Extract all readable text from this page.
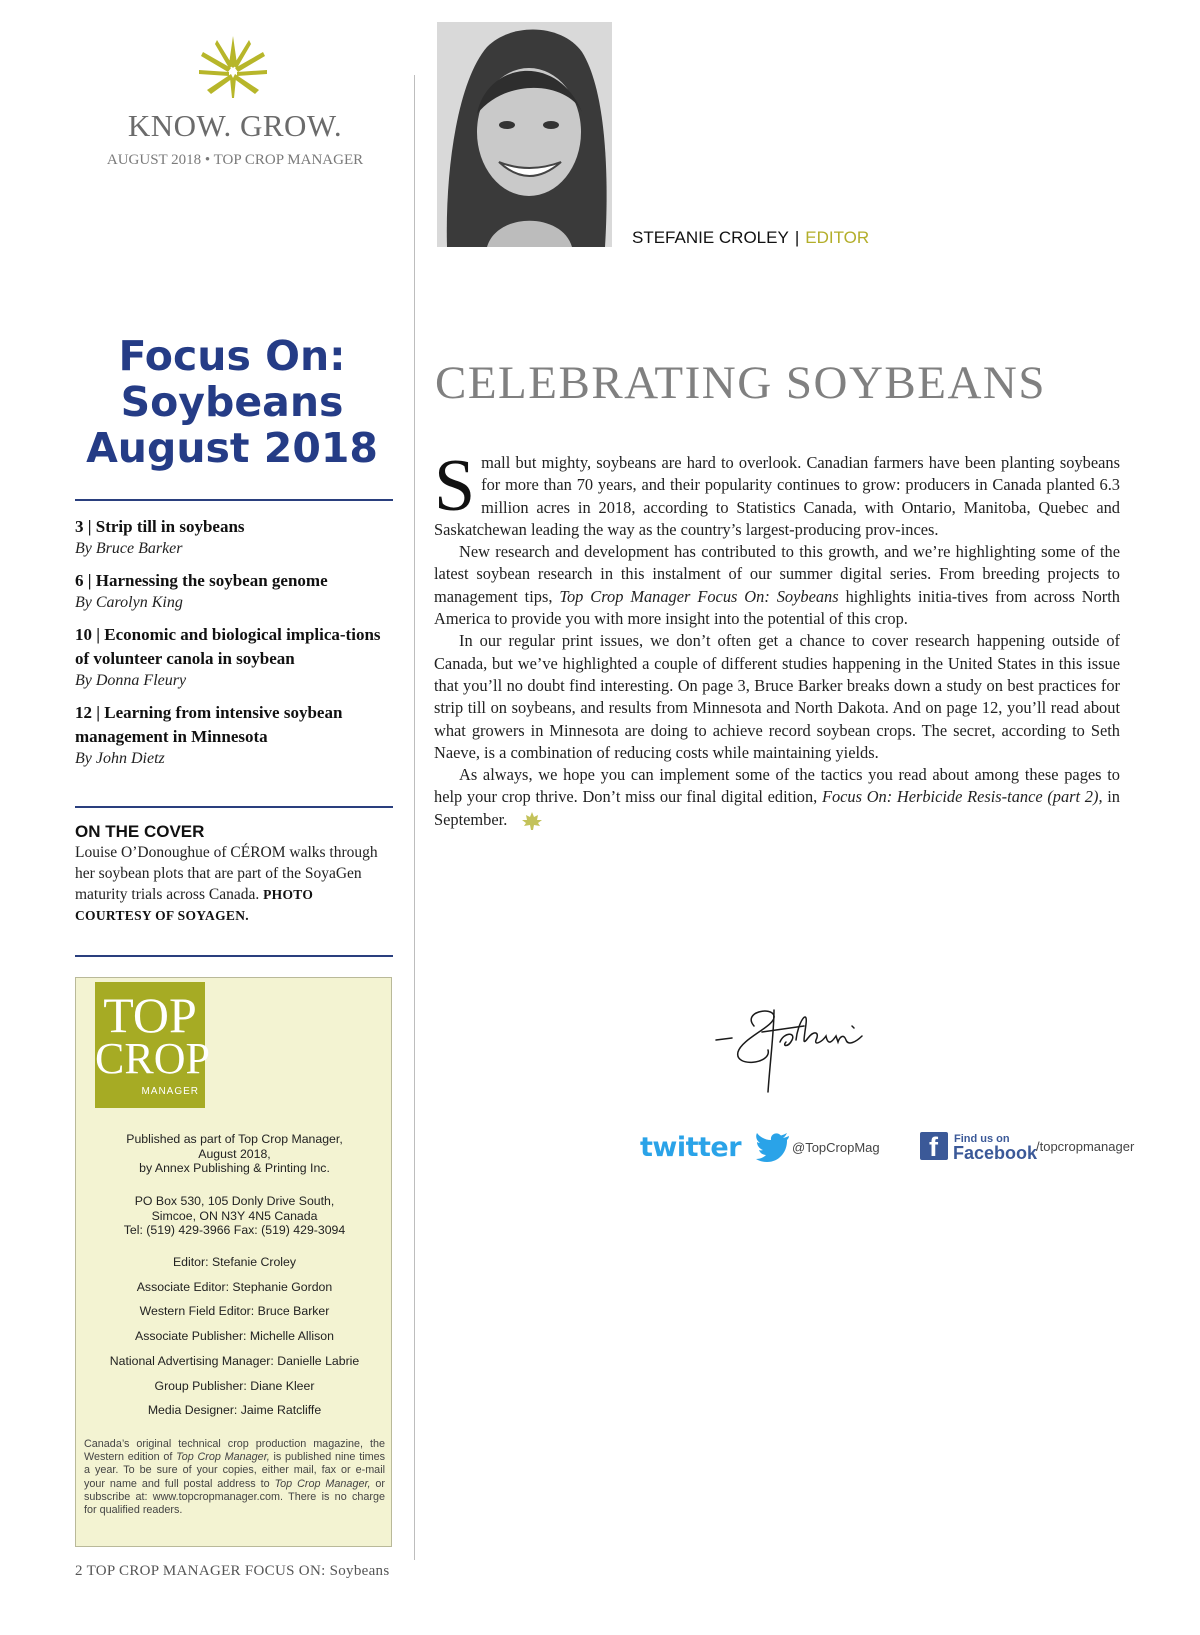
KNOW. GROW.
AUGUST 2018 • TOP CROP MANAGER
STEFANIE CROLEY | EDITOR
Focus On:
Soybeans
August 2018
3 | Strip till in soybeans
By Bruce Barker
6 | Harnessing the soybean genome
By Carolyn King
10 | Economic and biological implica-tions of volunteer canola in soybean
By Donna Fleury
12 | Learning from intensive soybean management in Minnesota
By John Dietz
ON THE COVER
Louise O’Donoughue of CÉROM walks through her soybean plots that are part of the SoyaGen maturity trials across Canada. PHOTO COURTESY OF SOYAGEN.
TOP
CROP
MANAGER
Published as part of Top Crop Manager,
August 2018,
by Annex Publishing & Printing Inc.
PO Box 530, 105 Donly Drive South,
Simcoe, ON N3Y 4N5 Canada
Tel: (519) 429-3966 Fax: (519) 429-3094
Editor: Stefanie Croley
Associate Editor: Stephanie Gordon
Western Field Editor: Bruce Barker
Associate Publisher: Michelle Allison
National Advertising Manager: Danielle Labrie
Group Publisher: Diane Kleer
Media Designer: Jaime Ratcliffe
Canada’s original technical crop production magazine, the Western edition of Top Crop Manager, is published nine times a year. To be sure of your copies, either mail, fax or e-mail your name and full postal address to Top Crop Manager, or subscribe at: www.topcropmanager.com. There is no charge for qualified readers.
2 TOP CROP MANAGER FOCUS ON: Soybeans
CELEBRATING SOYBEANS

Small but mighty, soybeans are hard to overlook. Canadian farmers have been planting soybeans for more than 70 years, and their popularity continues to grow: producers in Canada planted 6.3 million acres in 2018, according to Statistics Canada, with Ontario, Manitoba, Quebec and Saskatchewan leading the way as the country’s largest-producing prov-inces.

New research and development has contributed to this growth, and we’re highlighting some of the latest soybean research in this instalment of our summer digital series. From breeding projects to management tips, Top Crop Manager Focus On: Soybeans highlights initia-tives from across North America to provide you with more insight into the potential of this crop.

In our regular print issues, we don’t often get a chance to cover research happening outside of Canada, but we’ve highlighted a couple of different studies happening in the United States in this issue that you’ll no doubt find interesting. On page 3, Bruce Barker breaks down a study on best practices for strip till on soybeans, and results from Minnesota and North Dakota. And on page 12, you’ll read about what growers in Minnesota are doing to achieve record soybean crops. The secret, according to Seth Naeve, is a combination of reducing costs while maintaining yields.

As always, we hope you can implement some of the tactics you read about among these pages to help your crop thrive. Don’t miss our final digital edition, Focus On: Herbicide Resis-tance (part 2), in September.

twitter	@TopCropMag f Find us on
Facebook
/topcropmanager
